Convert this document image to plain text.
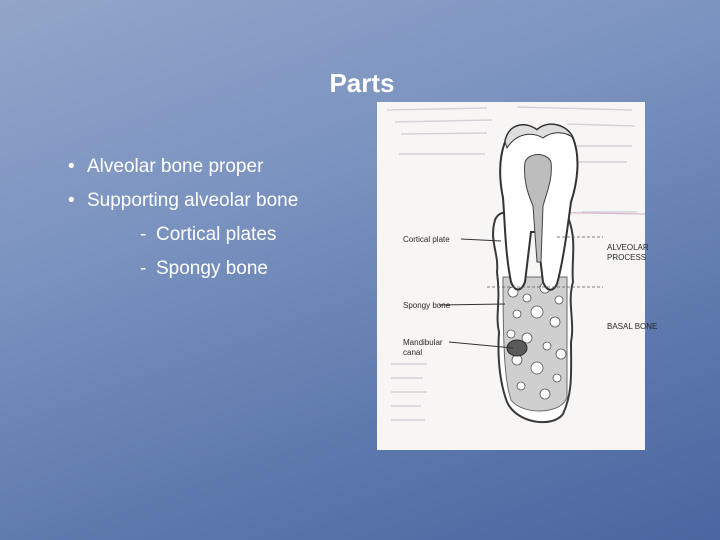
Parts
• Alveolar bone proper
• Supporting alveolar bone
- Cortical plates
- Spongy bone
Cortical plate
Spongy bone
Mandibular
canal
ALVEOLAR
PROCESS
BASAL BONE
